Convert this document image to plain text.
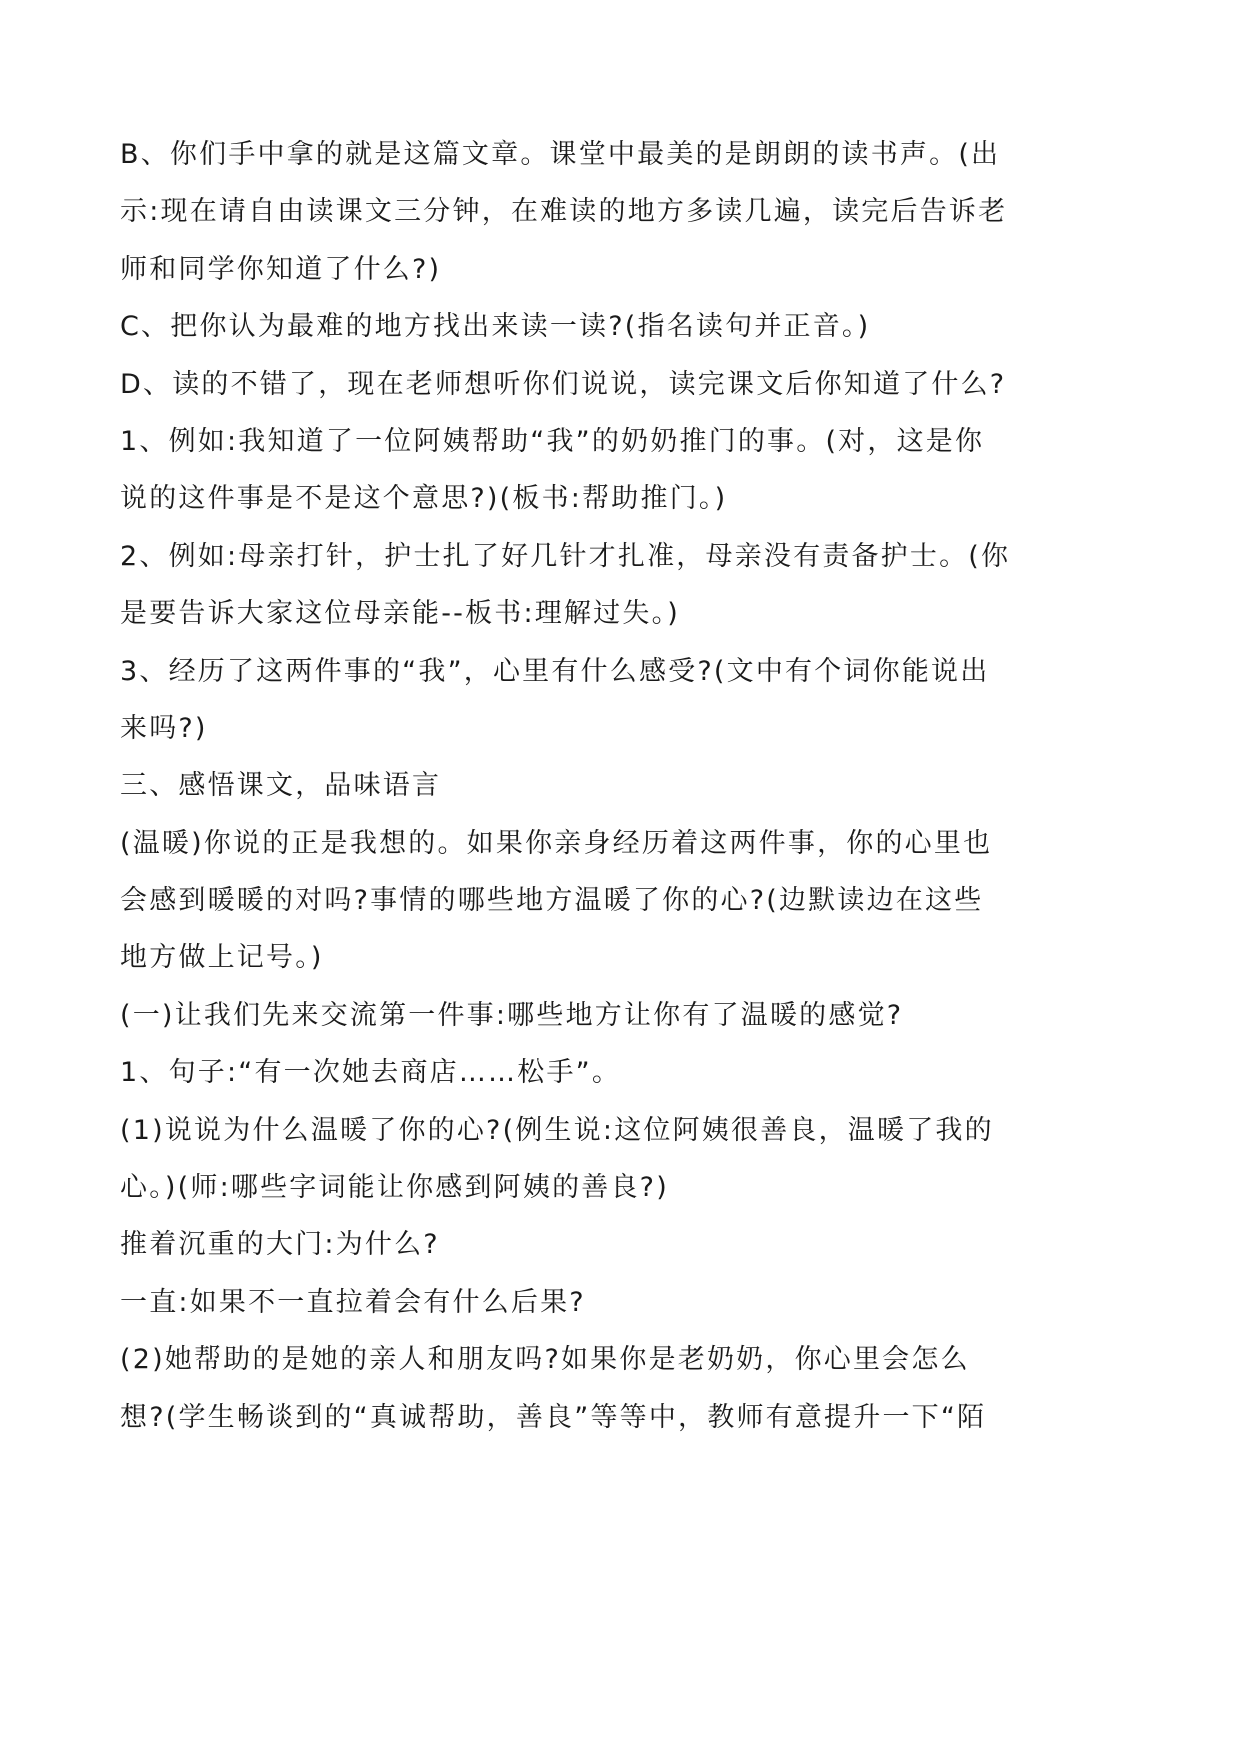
B、你们手中拿的就是这篇文章。课堂中最美的是朗朗的读书声。(出
示:现在请自由读课文三分钟，在难读的地方多读几遍，读完后告诉老
师和同学你知道了什么?)
C、把你认为最难的地方找出来读一读?(指名读句并正音。)
D、读的不错了，现在老师想听你们说说，读完课文后你知道了什么?
1、例如:我知道了一位阿姨帮助“我”的奶奶推门的事。(对，这是你
说的这件事是不是这个意思?)(板书:帮助推门。)
2、例如:母亲打针，护士扎了好几针才扎准，母亲没有责备护士。(你
是要告诉大家这位母亲能--板书:理解过失。)
3、经历了这两件事的“我”，心里有什么感受?(文中有个词你能说出
来吗?)
三、感悟课文，品味语言
(温暖)你说的正是我想的。如果你亲身经历着这两件事，你的心里也
会感到暖暖的对吗?事情的哪些地方温暖了你的心?(边默读边在这些
地方做上记号。)
(一)让我们先来交流第一件事:哪些地方让你有了温暖的感觉?
1、句子:“有一次她去商店……松手”。
(1)说说为什么温暖了你的心?(例生说:这位阿姨很善良，温暖了我的
心。)(师:哪些字词能让你感到阿姨的善良?)
推着沉重的大门:为什么?
一直:如果不一直拉着会有什么后果?
(2)她帮助的是她的亲人和朋友吗?如果你是老奶奶，你心里会怎么
想?(学生畅谈到的“真诚帮助，善良”等等中，教师有意提升一下“陌
